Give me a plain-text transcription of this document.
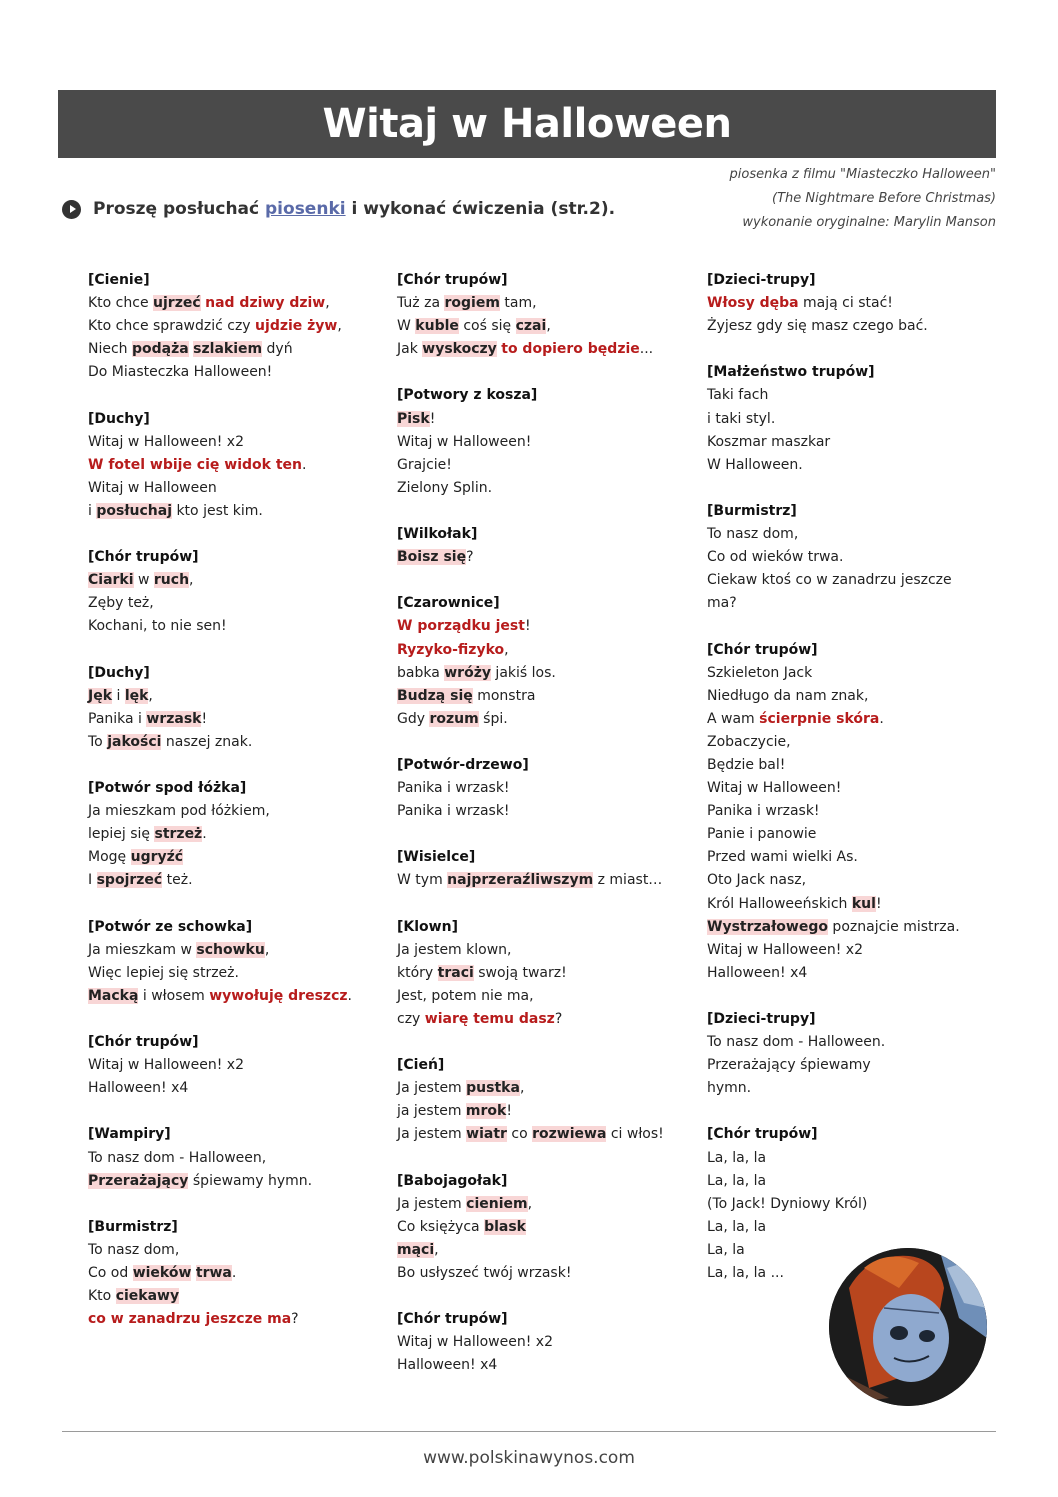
Witaj w Halloween
piosenka z filmu "Miasteczko Halloween"
(The Nightmare Before Christmas)
wykonanie oryginalne: Marylin Manson
Proszę posłuchać piosenki i wykonać ćwiczenia (str.2).
[Cienie]
Kto chce ujrzeć nad dziwy dziw,
Kto chce sprawdzić czy ujdzie żyw,
Niech podąża szlakiem dyń
Do Miasteczka Halloween!
[Duchy]
Witaj w Halloween! x2
W fotel wbije cię widok ten.
Witaj w Halloween
i posłuchaj kto jest kim.
[Chór trupów]
Ciarki w ruch,
Zęby też,
Kochani, to nie sen!
[Duchy]
Jęk i lęk,
Panika i wrzask!
To jakości naszej znak.
[Potwór spod łóżka]
Ja mieszkam pod łóżkiem,
lepiej się strzeż.
Mogę ugryźć
I spojrzeć też.
[Potwór ze schowka]
Ja mieszkam w schowku,
Więc lepiej się strzeż.
Macką i włosem wywołuję dreszcz.
[Chór trupów]
Witaj w Halloween! x2
Halloween! x4
[Wampiry]
To nasz dom - Halloween,
Przerażający śpiewamy hymn.
[Burmistrz]
To nasz dom,
Co od wieków trwa.
Kto ciekawy
co w zanadrzu jeszcze ma?
[Chór trupów]
Tuż za rogiem tam,
W kuble coś się czai,
Jak wyskoczy to dopiero będzie...
[Potwory z kosza]
Pisk!
Witaj w Halloween!
Grajcie!
Zielony Splin.
[Wilkołak]
Boisz się?
[Czarownice]
W porządku jest!
Ryzyko-fizyko,
babka wróży jakiś los.
Budzą się monstra
Gdy rozum śpi.
[Potwór-drzewo]
Panika i wrzask!
Panika i wrzask!
[Wisielce]
W tym najprzeraźliwszym z miast…
[Klown]
Ja jestem klown,
który traci swoją twarz!
Jest, potem nie ma,
czy wiarę temu dasz?
[Cień]
Ja jestem pustka,
ja jestem mrok!
Ja jestem wiatr co rozwiewa ci włos!
[Babojagołak]
Ja jestem cieniem,
Co księżyca blask
mąci,
Bo usłyszeć twój wrzask!
[Chór trupów]
Witaj w Halloween! x2
Halloween! x4
[Dzieci-trupy]
Włosy dęba mają ci stać!
Żyjesz gdy się masz czego bać.
[Małżeństwo trupów]
Taki fach
i taki styl.
Koszmar maszkar
W Halloween.
[Burmistrz]
To nasz dom,
Co od wieków trwa.
Ciekaw ktoś co w zanadrzu jeszcze
ma?
[Chór trupów]
Szkieleton Jack
Niedługo da nam znak,
A wam ścierpnie skóra.
Zobaczycie,
Będzie bal!
Witaj w Halloween!
Panika i wrzask!
Panie i panowie
Przed wami wielki As.
Oto Jack nasz,
Król Halloweeńskich kul!
Wystrzałowego poznajcie mistrza.
Witaj w Halloween! x2
Halloween! x4
[Dzieci-trupy]
To nasz dom - Halloween.
Przerażający śpiewamy
hymn.
[Chór trupów]
La, la, la
La, la, la
(To Jack! Dyniowy Król)
La, la, la
La, la
La, la, la ...
www.polskinawynos.com
